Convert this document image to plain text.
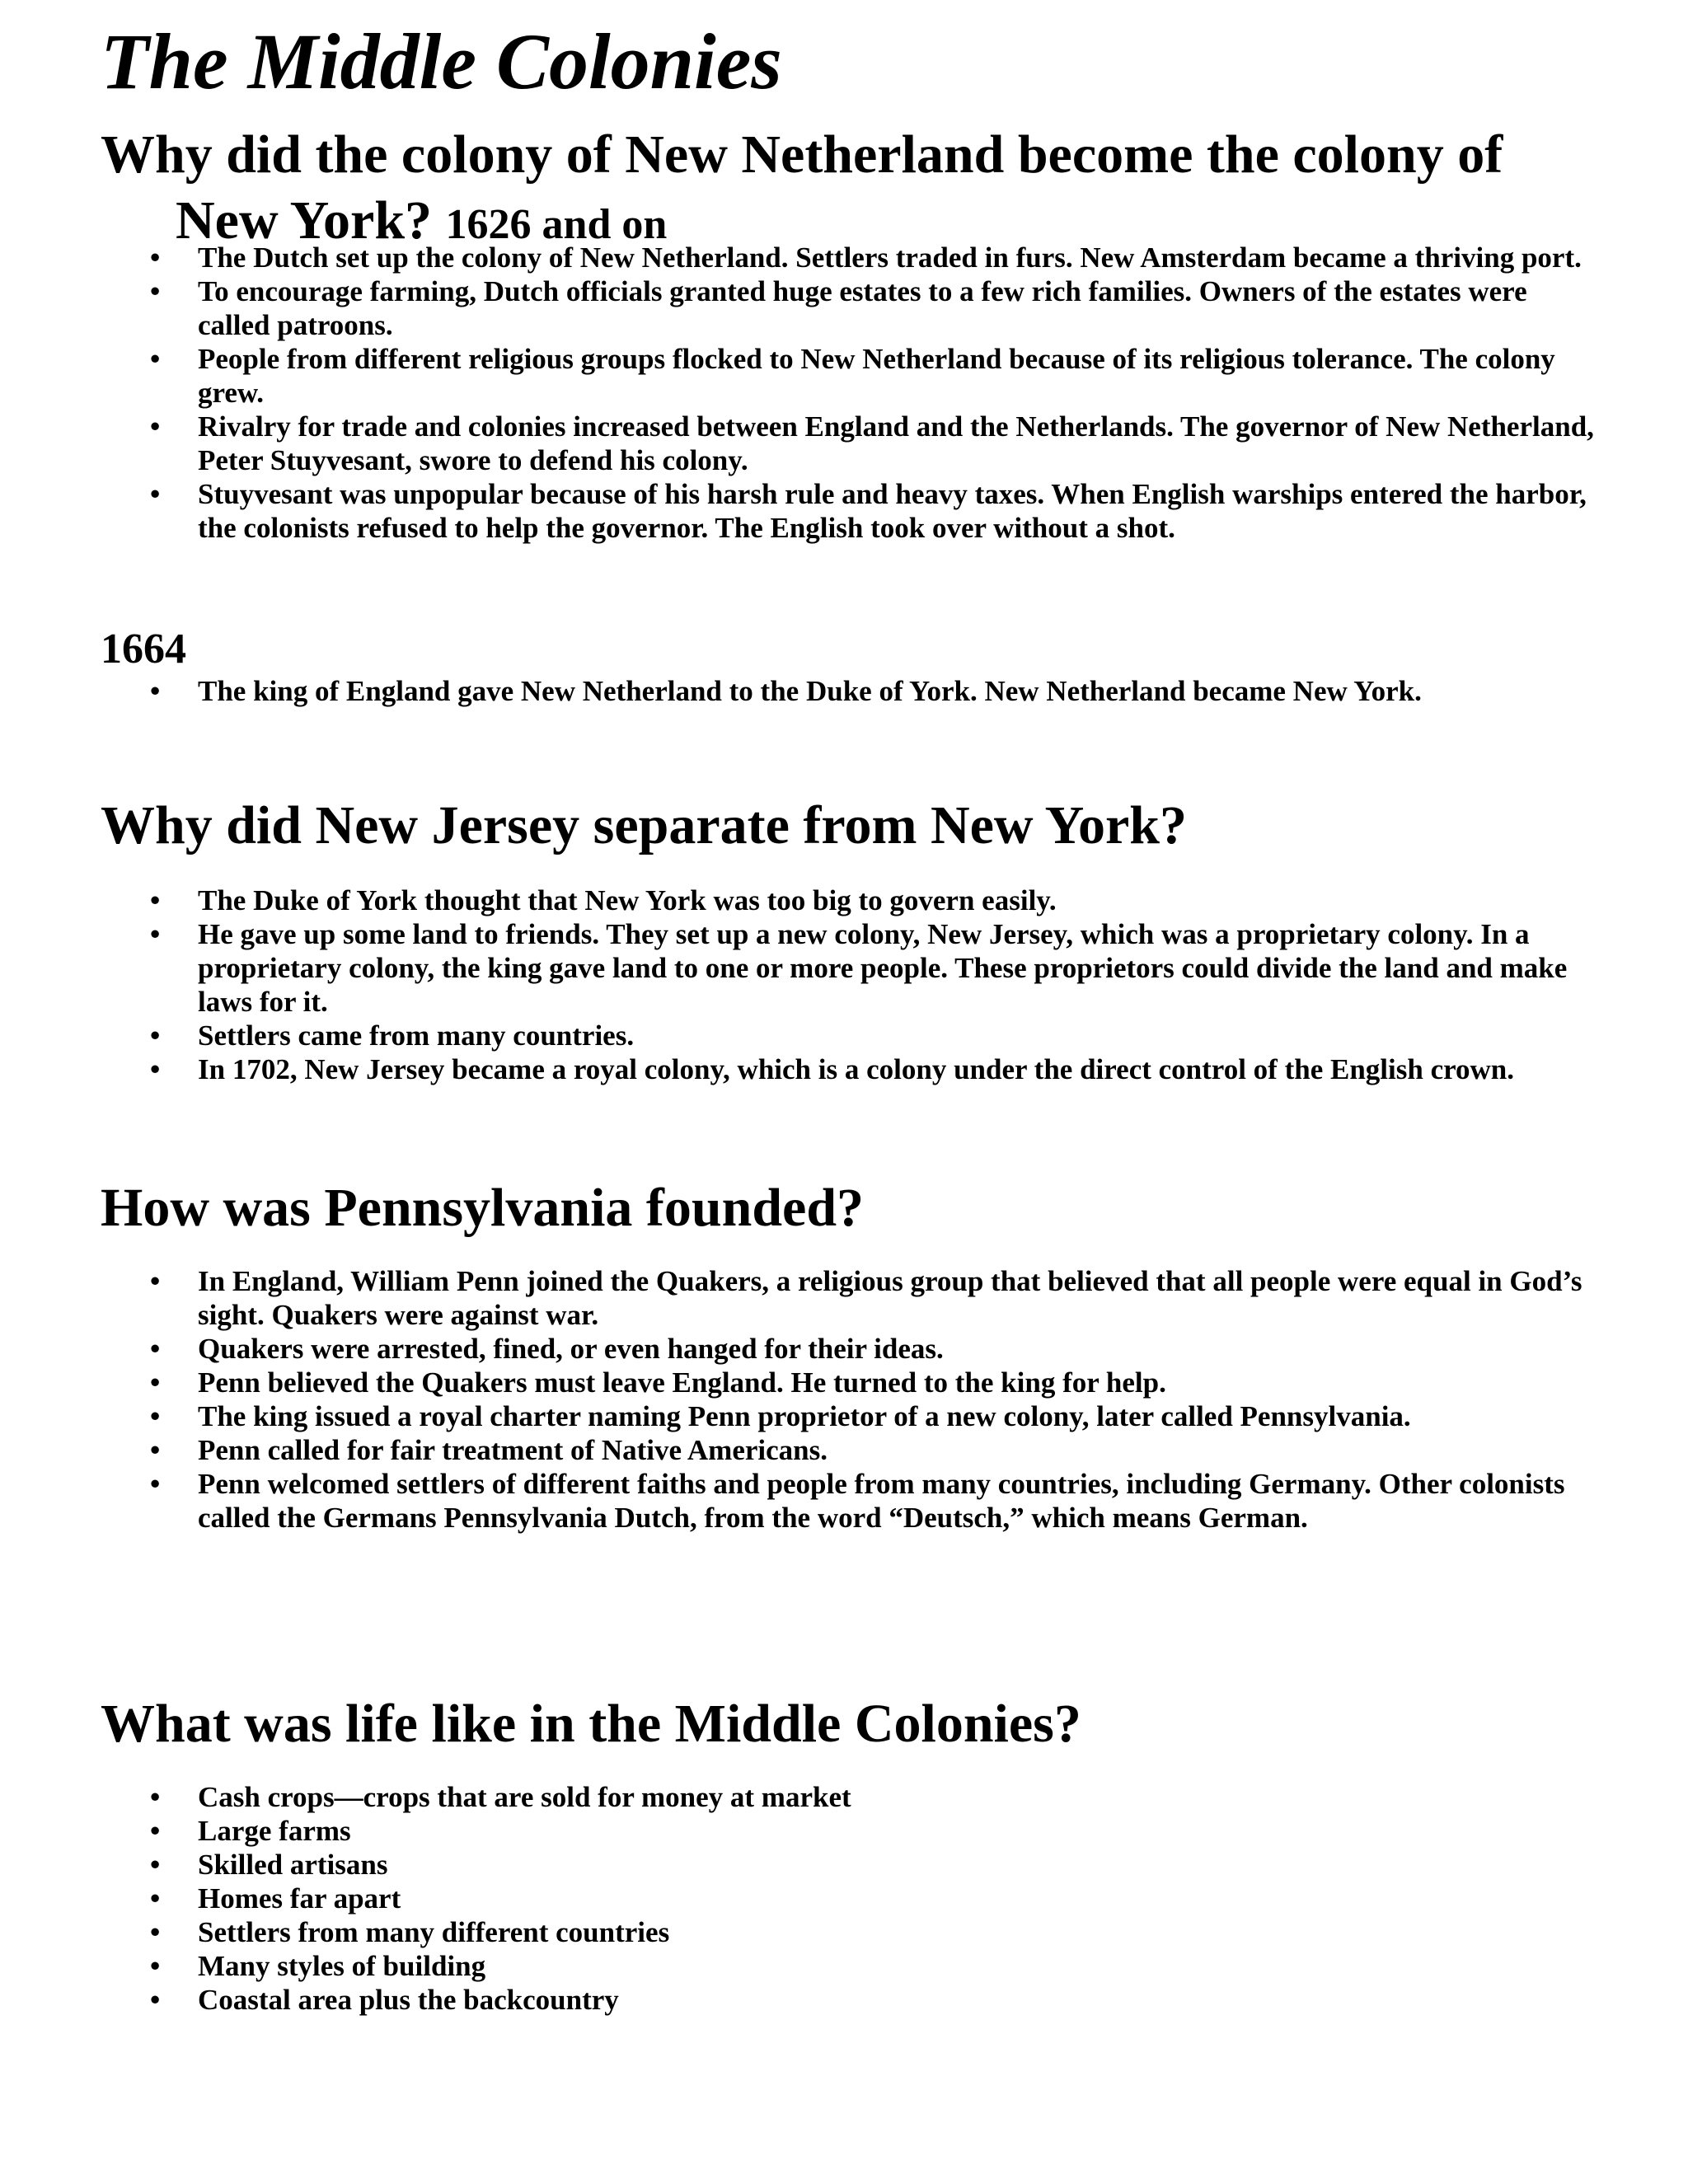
The Middle Colonies
Why did the colony of New Netherland become the colony of
New York? 1626 and on
• The Dutch set up the colony of New Netherland. Settlers traded in furs. New Amsterdam became a thriving port.
• To encourage farming, Dutch officials granted huge estates to a few rich families. Owners of the estates were called patroons.
• People from different religious groups flocked to New Netherland because of its religious tolerance. The colony grew.
• Rivalry for trade and colonies increased between England and the Netherlands. The governor of New Netherland, Peter Stuyvesant, swore to defend his colony.
• Stuyvesant was unpopular because of his harsh rule and heavy taxes. When English warships entered the harbor, the colonists refused to help the governor. The English took over without a shot.
1664
• The king of England gave New Netherland to the Duke of York. New Netherland became New York.
Why did New Jersey separate from New York?
• The Duke of York thought that New York was too big to govern easily.
• He gave up some land to friends. They set up a new colony, New Jersey, which was a proprietary colony. In a proprietary colony, the king gave land to one or more people. These proprietors could divide the land and make laws for it.
• Settlers came from many countries.
• In 1702, New Jersey became a royal colony, which is a colony under the direct control of the English crown.
How was Pennsylvania founded?
• In England, William Penn joined the Quakers, a religious group that believed that all people were equal in God’s sight. Quakers were against war.
• Quakers were arrested, fined, or even hanged for their ideas.
• Penn believed the Quakers must leave England. He turned to the king for help.
• The king issued a royal charter naming Penn proprietor of a new colony, later called Pennsylvania.
• Penn called for fair treatment of Native Americans.
• Penn welcomed settlers of different faiths and people from many countries, including Germany. Other colonists called the Germans Pennsylvania Dutch, from the word “Deutsch,” which means German.
What was life like in the Middle Colonies?
• Cash crops—crops that are sold for money at market
• Large farms
• Skilled artisans
• Homes far apart
• Settlers from many different countries
• Many styles of building
• Coastal area plus the backcountry
